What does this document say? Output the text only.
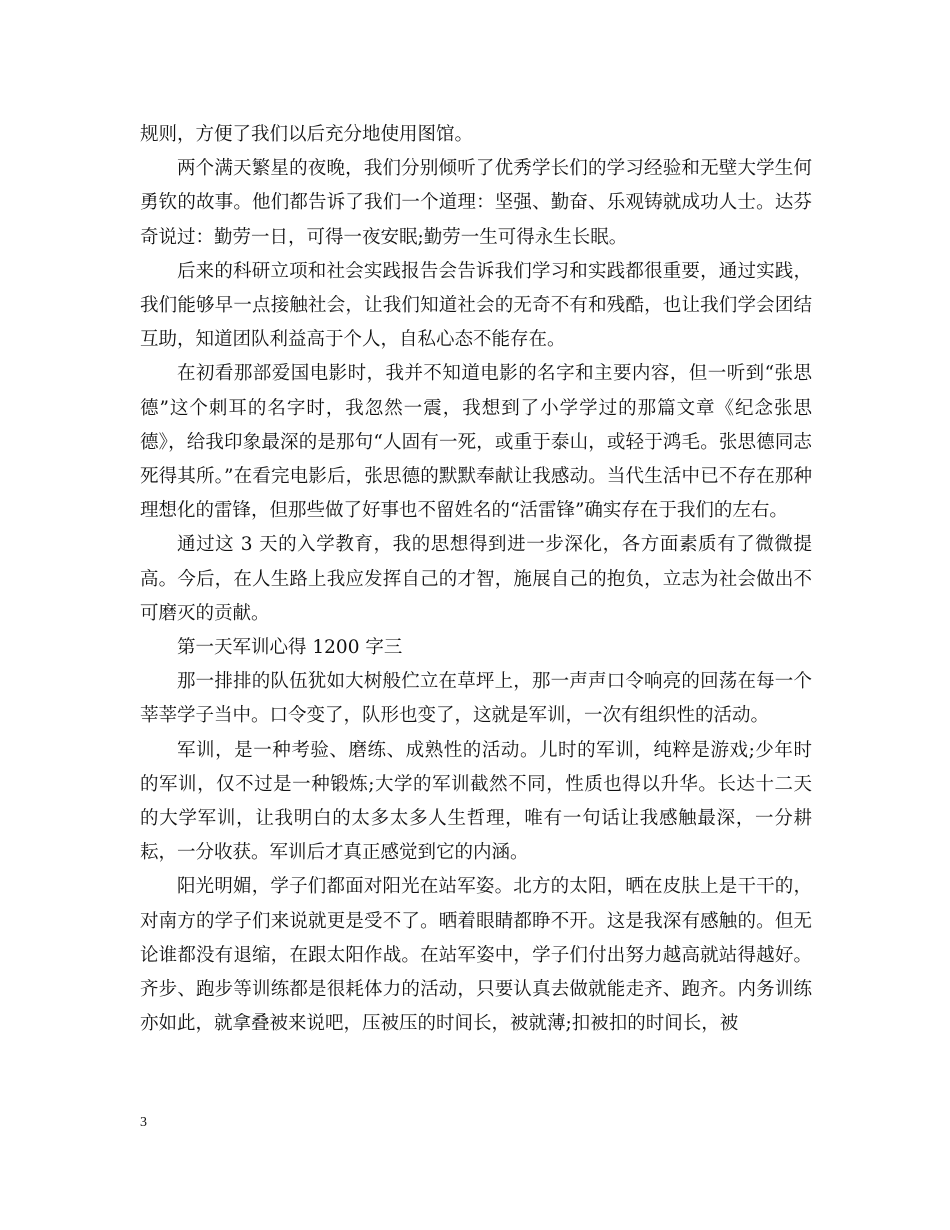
规则，方便了我们以后充分地使用图馆。

两个满天繁星的夜晚，我们分别倾听了优秀学长们的学习经验和无壁大学生何勇钦的故事。他们都告诉了我们一个道理：坚强、勤奋、乐观铸就成功人士。达芬奇说过：勤劳一日，可得一夜安眠;勤劳一生可得永生长眠。

后来的科研立项和社会实践报告会告诉我们学习和实践都很重要，通过实践，我们能够早一点接触社会，让我们知道社会的无奇不有和残酷，也让我们学会团结互助，知道团队利益高于个人，自私心态不能存在。

在初看那部爱国电影时，我并不知道电影的名字和主要内容，但一听到“张思德”这个刺耳的名字时，我忽然一震，我想到了小学学过的那篇文章《纪念张思德》，给我印象最深的是那句“人固有一死，或重于泰山，或轻于鸿毛。张思德同志死得其所。”在看完电影后，张思德的默默奉献让我感动。当代生活中已不存在那种理想化的雷锋，但那些做了好事也不留姓名的“活雷锋”确实存在于我们的左右。

通过这 3 天的入学教育，我的思想得到进一步深化，各方面素质有了微微提高。今后，在人生路上我应发挥自己的才智，施展自己的抱负，立志为社会做出不可磨灭的贡献。

第一天军训心得 1200 字三

那一排排的队伍犹如大树般伫立在草坪上，那一声声口令响亮的回荡在每一个莘莘学子当中。口令变了，队形也变了，这就是军训，一次有组织性的活动。

军训，是一种考验、磨练、成熟性的活动。儿时的军训，纯粹是游戏;少年时的军训，仅不过是一种锻炼;大学的军训截然不同，性质也得以升华。长达十二天的大学军训，让我明白的太多太多人生哲理，唯有一句话让我感触最深，一分耕耘，一分收获。军训后才真正感觉到它的内涵。

阳光明媚，学子们都面对阳光在站军姿。北方的太阳，晒在皮肤上是干干的，对南方的学子们来说就更是受不了。晒着眼睛都睁不开。这是我深有感触的。但无论谁都没有退缩，在跟太阳作战。在站军姿中，学子们付出努力越高就站得越好。齐步、跑步等训练都是很耗体力的活动，只要认真去做就能走齐、跑齐。内务训练亦如此，就拿叠被来说吧，压被压的时间长，被就薄;扣被扣的时间长，被

3
